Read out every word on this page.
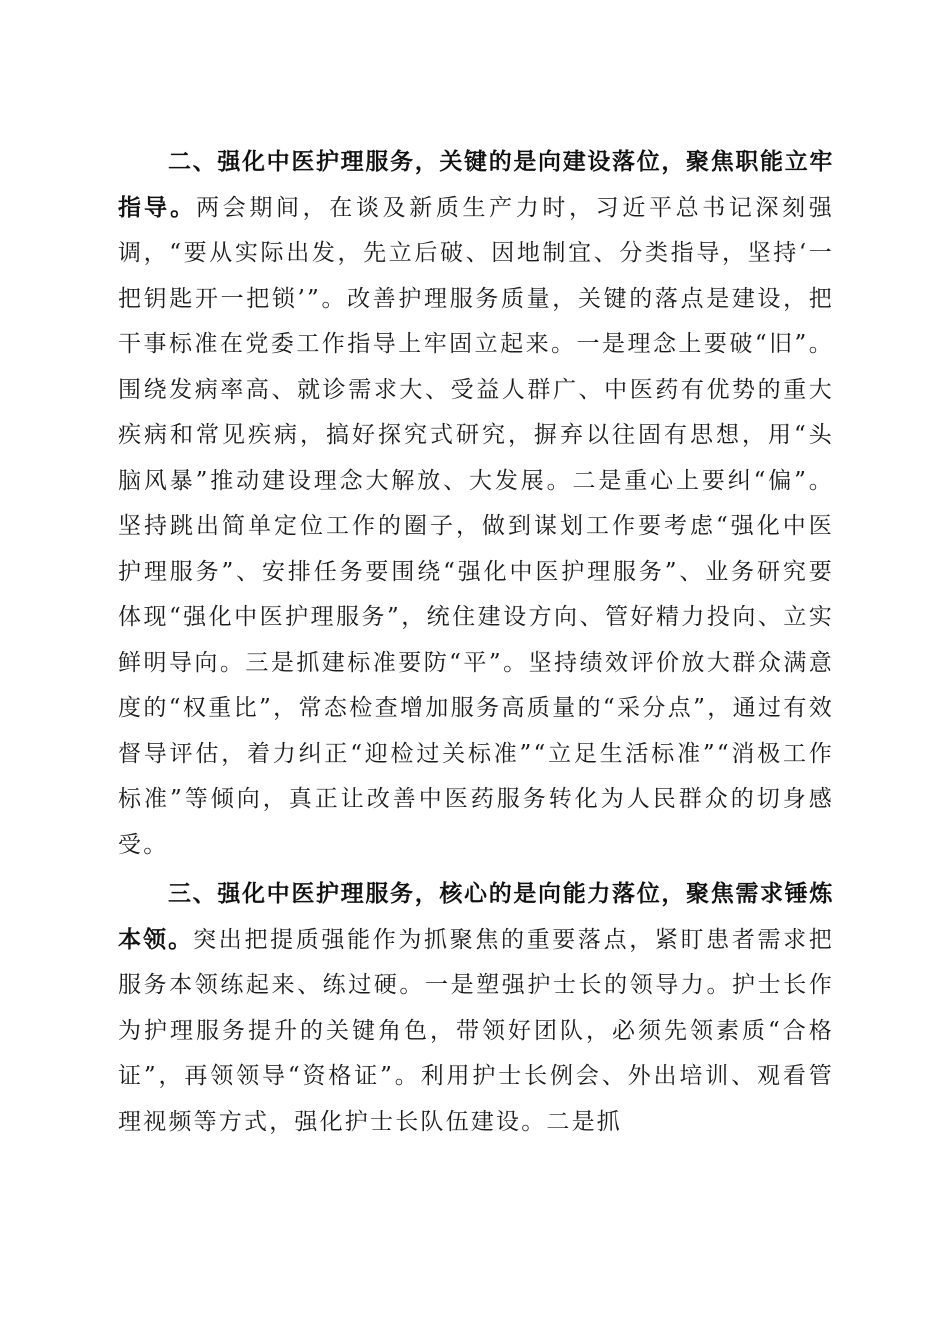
二、强化中医护理服务，关键的是向建设落位，聚焦职能立牢指导。两会期间，在谈及新质生产力时，习近平总书记深刻强调，“要从实际出发，先立后破、因地制宜、分类指导，坚持‘一把钥匙开一把锁’”。改善护理服务质量，关键的落点是建设，把干事标准在党委工作指导上牢固立起来。一是理念上要破“旧”。围绕发病率高、就诊需求大、受益人群广、中医药有优势的重大疾病和常见疾病，搞好探究式研究，摒弃以往固有思想，用“头脑风暴”推动建设理念大解放、大发展。二是重心上要纠“偏”。坚持跳出简单定位工作的圈子，做到谋划工作要考虑“强化中医护理服务”、安排任务要围绕“强化中医护理服务”、业务研究要体现“强化中医护理服务”，统住建设方向、管好精力投向、立实鲜明导向。三是抓建标准要防“平”。坚持绩效评价放大群众满意度的“权重比”，常态检查增加服务高质量的“采分点”，通过有效督导评估，着力纠正“迎检过关标准”“立足生活标准”“消极工作标准”等倾向，真正让改善中医药服务转化为人民群众的切身感受。

三、强化中医护理服务，核心的是向能力落位，聚焦需求锤炼本领。突出把提质强能作为抓聚焦的重要落点，紧盯患者需求把服务本领练起来、练过硬。一是塑强护士长的领导力。护士长作为护理服务提升的关键角色，带领好团队，必须先领素质“合格证”，再领领导“资格证”。利用护士长例会、外出培训、观看管理视频等方式，强化护士长队伍建设。二是抓
